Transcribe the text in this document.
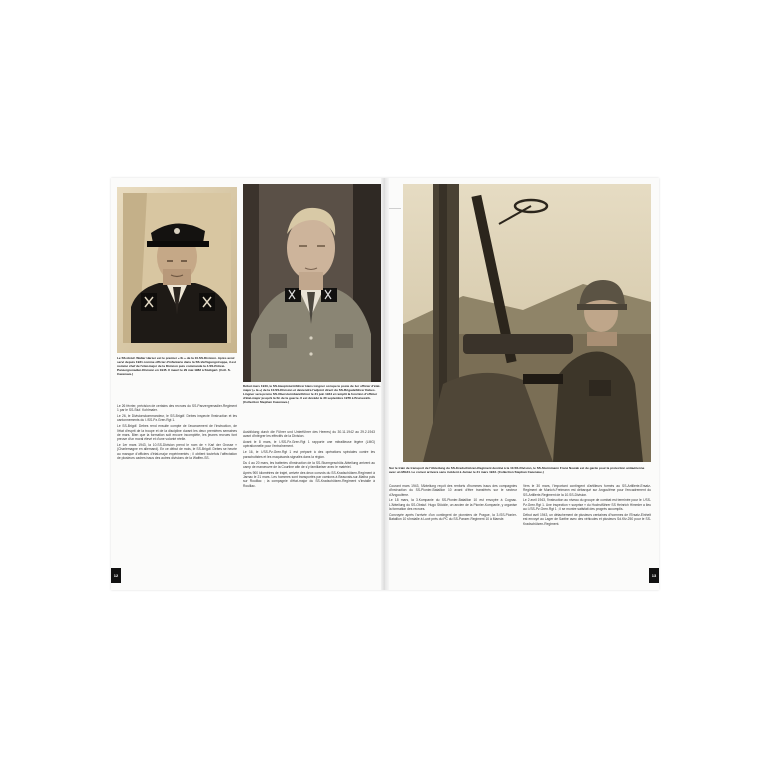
Le SS-Hstuf. Walter Harzer est le premier « Ib » de la 10.SS-Division. Après avoir servi depuis 1931 comme officier d'infanterie dans la SS-Verfügungstruppe, il est nommé chef de l'état-major de la Division puis commande la 4.SS-Polizei-Panzergrenadier-Division en 1945. Il meurt le 29 mai 1982 à Stuttgart. (Coll. S. Cazenave.)
Début mars 1943, le SS-Hauptsturmführer Hans Lingner occupe le poste de 1er officier d'état-major (« Ia ») de la 10.SS-Division et deviendra l'adjoint direct du SS-Brigadeführer Debes. Lingner sera promu SS-Obersturmbannführer le 21 juin 1944 et remplit la fonction d'officier d'état-major jusqu'à la fin de la guerre. Il est décédé le 30 septembre 1978 à Brunswick. (Collection Stephan Cazenave.)

Le 26 février, précision de certains des recrues du SS-Panzergrenadier-Regiment 1 par le SS-Stuf. Kohlmaier.

Le 26, le Divisionskommandeur, le SS-Brigdf. Debes inspecte l'instruction et les cantonnements du I./SS-Pz.Gren.Rgt 1.

Le SS-Brigdf. Debes rend ensuite compte de l'avancement de l'instruction, de l'état d'esprit de la troupe et de la discipline durant les deux premières semaines de mars. Bien que la formation soit encore incomplète, les jeunes recrues font preuve d'un moral élevé et d'une volonté réelle.

Le 1er mars 1943, la 10.SS-Division prend le nom de « Karl der Grosse » (Charlemagne en allemand). En ce début de mois, le SS-Brigdf. Debes se heurte au manque d'officiers d'état-major expérimentés ; il obtient toutefois l'affectation de plusieurs cadres issus des autres divisions de la Waffen-SS.

Ausbildung durch die Führer und Unterführer des Heeres) du 30.11.1942 au 29.2.1943 avant d'intégrer les effectifs de la Division.

Avant le 8 mars, le I./SS-Pz.Gren.Rgt 1 rapporte une mitrailleuse légère (LMG) opérationnelle pour l'entraînement.

Le 16, le I./SS-Pz.Gren.Rgt 1 est préparé à des opérations spéciales contre les parachutistes et les maquisards signalés dans la région.

Du 4 au 20 mars, les batteries d'instruction de la SS-Sturmgeschütz-Abteilung arrivent au camp de manœuvre de la Courtine afin de s'y familiariser avec le matériel.

Après 900 kilomètres de trajet, arrivée des deux convois du SS-Kradschützen-Regiment à Jarnac le 21 mars. Les hommes sont transportés par camions à Beauvais-sur-Matha puis sur Rouillac ; la compagnie d'état-major du SS-Kradschützen-Regiment s'installe à Rouillac.

12
Sur le train de transport de l'Abteilung du SS-Kradschützen-Regiment destiné à la 10.SS-Division, le SS-Sturmmann Franz Nowak est de garde pour la protection antiaérienne avec un MG34. Le convoi arrivera sans incident à Jarnac le 21 mars 1943. (Collection Stephan Cazenave.)

Courant mars 1943, l'Abteilung reçoit des renforts d'hommes issus des compagnies d'instruction du SS-Pionier-Bataillon 10 avant d'être transférés sur le secteur d'Angoulême.

Le 18 mars, la 3.Kompanie du SS-Pionier-Bataillon 10 est envoyée à Cognac. L'Abteilung du SS-Obstuf. Hugo Stöckle, un ancien de la Pionier-Kompanie, y organise la formation des recrues.

Convoyée après l'arrivée d'un contingent de pionniers de Prague, la 3./SS-Pionier-Bataillon 10 s'installe à Luxé près du PC du SS-Panzer-Regiment 10 à Mansle.

Vers le 30 mars, l'important contingent d'artilleurs formés au SS-Artillerie-Ersatz-Regiment de Munich-Freimann est débarqué sur Angoulême pour l'encadrement du SS-Artillerie-Regiment de la 10.SS-Division.

Le 2 avril 1943, l'instruction au niveau du groupe de combat est terminée pour le I./SS-Pz.Gren.Rgt 1. Une inspection « surprise » du Hochstführer SS Heinrich Himmler a lieu au I./SS-Pz.Gren.Rgt 1 ; il se montre satisfait des progrès accomplis.

Début avril 1943, un détachement de plusieurs centaines d'hommes de l'Ersatz-Einheit est envoyé au Lager de Sarthe avec des véhicules et plusieurs Sd.Kfz.250 pour le SS-Kradschützen-Regiment.

13
